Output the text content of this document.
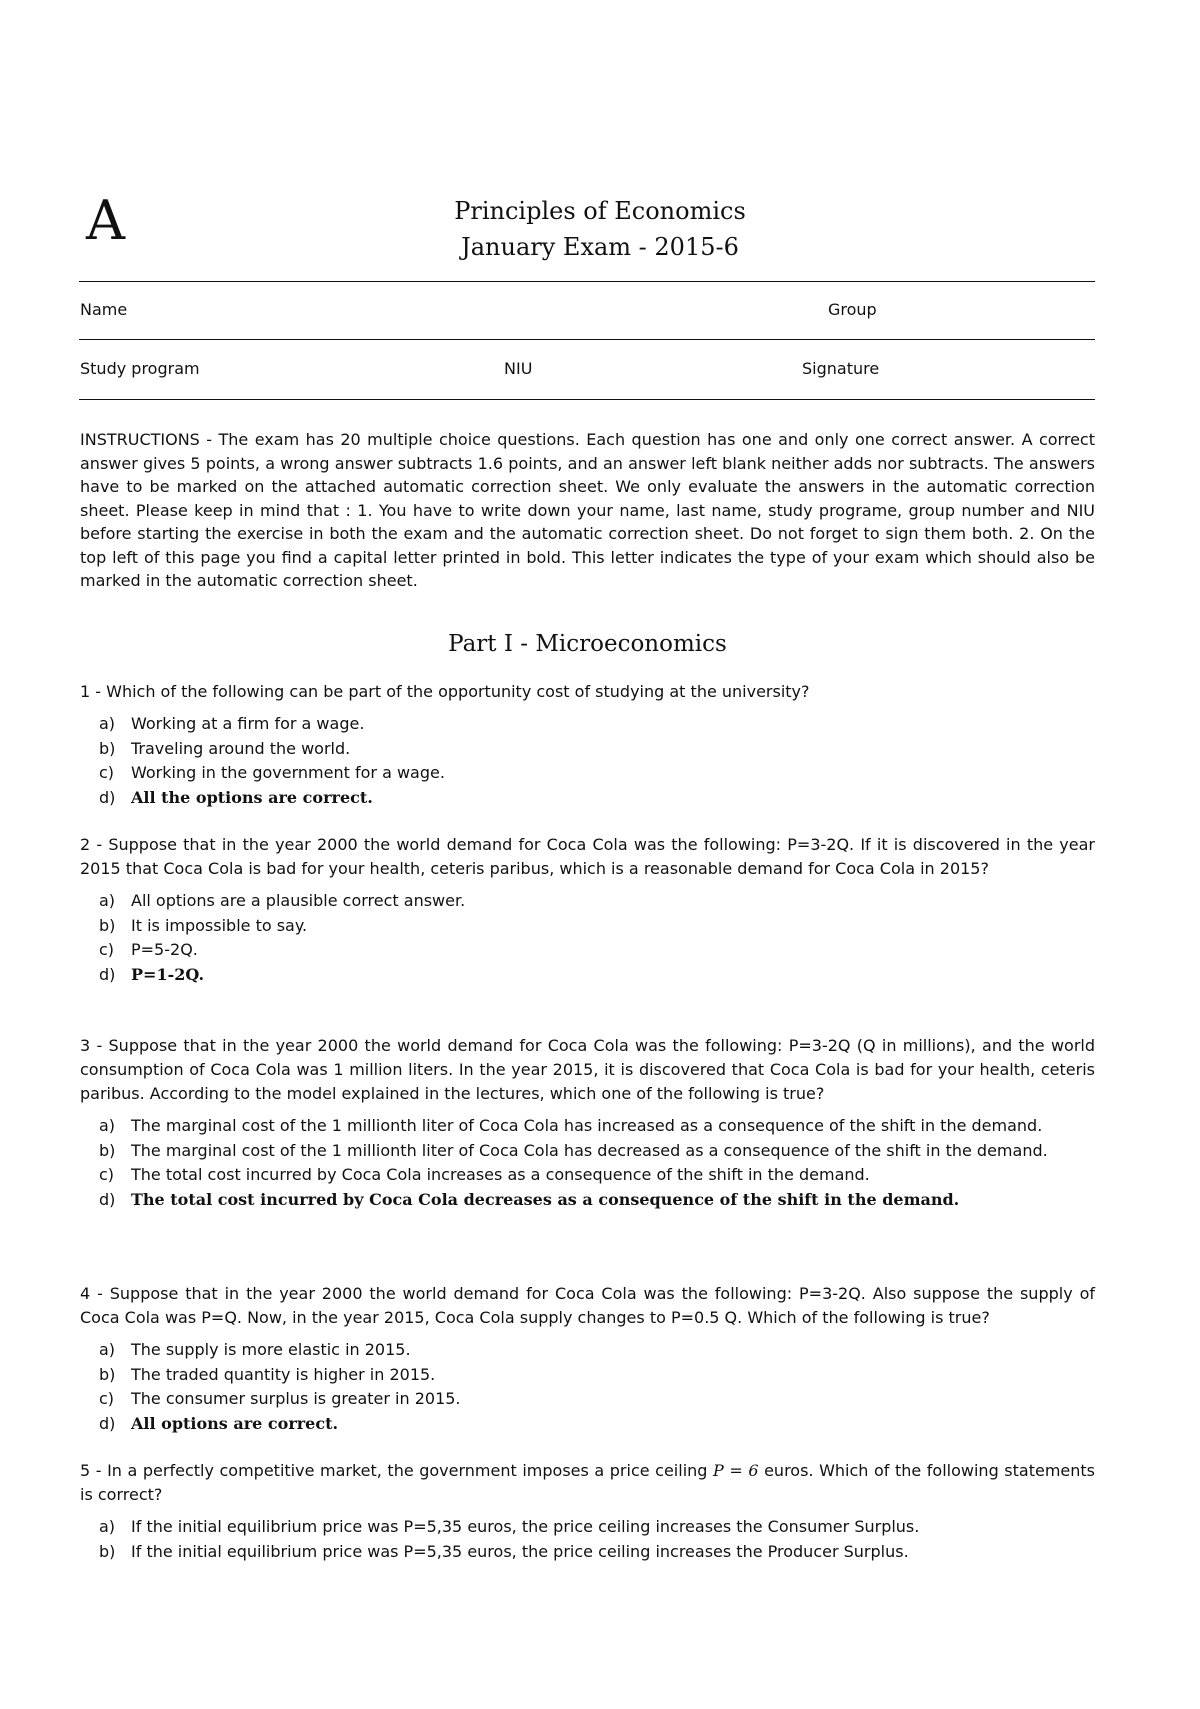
A	Principles of Economics
January Exam - 2015-6
Name	Group
Study program	NIU	Signature
INSTRUCTIONS - The exam has 20 multiple choice questions. Each question has one and only one correct answer. A correct answer gives 5 points, a wrong answer subtracts 1.6 points, and an answer left blank neither adds nor subtracts. The answers have to be marked on the attached automatic correction sheet. We only evaluate the answers in the automatic correction sheet. Please keep in mind that : 1. You have to write down your name, last name, study programe, group number and NIU before starting the exercise in both the exam and the automatic correction sheet. Do not forget to sign them both. 2. On the top left of this page you find a capital letter printed in bold. This letter indicates the type of your exam which should also be marked in the automatic correction sheet.
Part I - Microeconomics

1 - Which of the following can be part of the opportunity cost of studying at the university?

a) Working at a firm for a wage.
b) Traveling around the world.
c) Working in the government for a wage.
d) All the options are correct.

2 - Suppose that in the year 2000 the world demand for Coca Cola was the following: P=3-2Q. If it is discovered in the year 2015 that Coca Cola is bad for your health, ceteris paribus, which is a reasonable demand for Coca Cola in 2015?

a) All options are a plausible correct answer.
b) It is impossible to say.
c) P=5-2Q.
d) P=1-2Q.

3 - Suppose that in the year 2000 the world demand for Coca Cola was the following: P=3-2Q (Q in millions), and the world consumption of Coca Cola was 1 million liters. In the year 2015, it is discovered that Coca Cola is bad for your health, ceteris paribus. According to the model explained in the lectures, which one of the following is true?

a) The marginal cost of the 1 millionth liter of Coca Cola has increased as a consequence of the shift in the demand.
b) The marginal cost of the 1 millionth liter of Coca Cola has decreased as a consequence of the shift in the demand.
c) The total cost incurred by Coca Cola increases as a consequence of the shift in the demand.
d) The total cost incurred by Coca Cola decreases as a consequence of the shift in the demand.

4 - Suppose that in the year 2000 the world demand for Coca Cola was the following: P=3-2Q. Also suppose the supply of Coca Cola was P=Q. Now, in the year 2015, Coca Cola supply changes to P=0.5 Q. Which of the following is true?

a) The supply is more elastic in 2015.
b) The traded quantity is higher in 2015.
c) The consumer surplus is greater in 2015.
d) All options are correct.

5 - In a perfectly competitive market, the government imposes a price ceiling P = 6 euros. Which of the following statements is correct?

a) If the initial equilibrium price was P=5,35 euros, the price ceiling increases the Consumer Surplus.
b) If the initial equilibrium price was P=5,35 euros, the price ceiling increases the Producer Surplus.
